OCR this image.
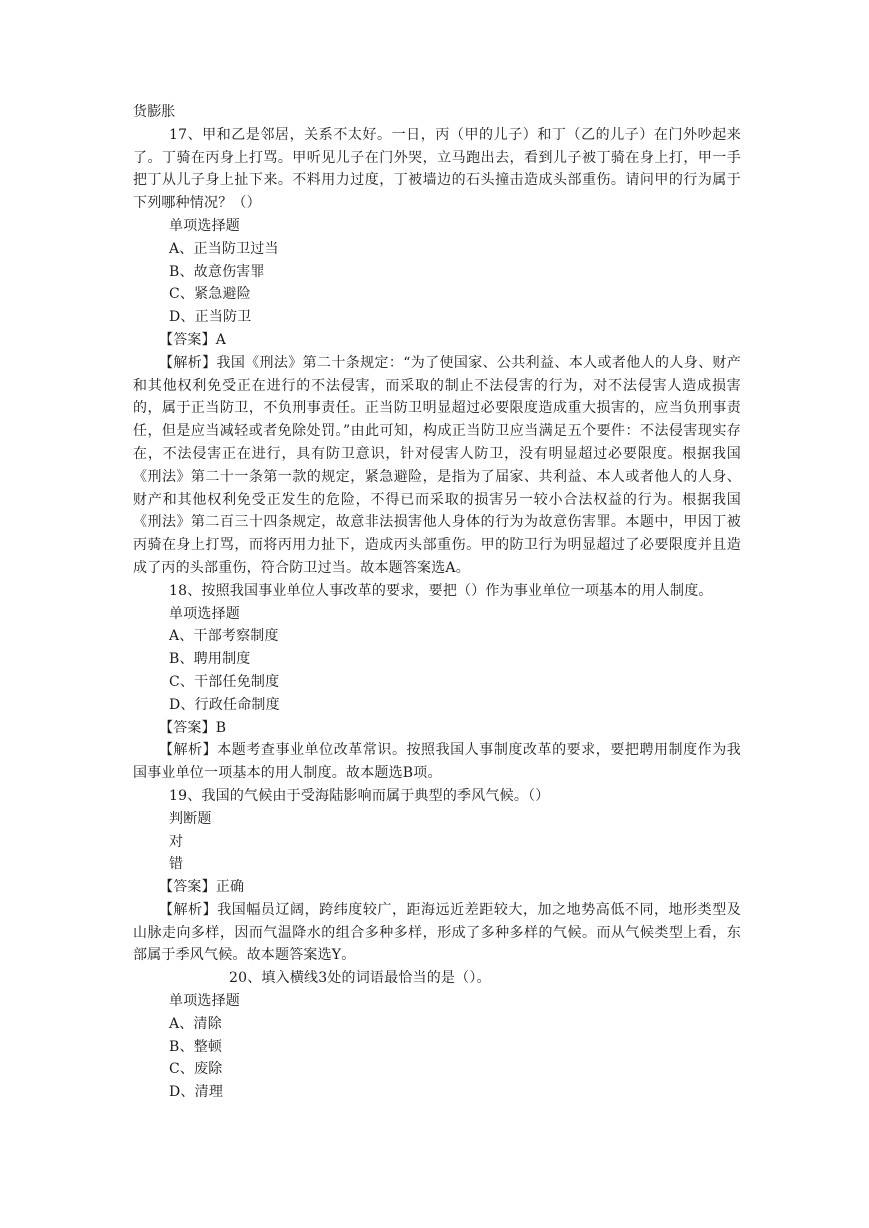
货膨胀
17、甲和乙是邻居，关系不太好。一日，丙（甲的儿子）和丁（乙的儿子）在门外吵起来了。丁骑在丙身上打骂。甲听见儿子在门外哭，立马跑出去，看到儿子被丁骑在身上打，甲一手把丁从儿子身上扯下来。不料用力过度，丁被墙边的石头撞击造成头部重伤。请问甲的行为属于下列哪种情况？（）
单项选择题
A、正当防卫过当
B、故意伤害罪
C、紧急避险
D、正当防卫
【答案】A
【解析】我国《刑法》第二十条规定：“为了使国家、公共利益、本人或者他人的人身、财产和其他权利免受正在进行的不法侵害，而采取的制止不法侵害的行为，对不法侵害人造成损害的，属于正当防卫，不负刑事责任。正当防卫明显超过必要限度造成重大损害的，应当负刑事责任，但是应当减轻或者免除处罚。”由此可知，构成正当防卫应当满足五个要件：不法侵害现实存在，不法侵害正在进行，具有防卫意识，针对侵害人防卫，没有明显超过必要限度。根据我国《刑法》第二十一条第一款的规定，紧急避险，是指为了届家、共利益、本人或者他人的人身、财产和其他权利免受正发生的危险，不得已而采取的损害另一较小合法权益的行为。根据我国《刑法》第二百三十四条规定，故意非法损害他人身体的行为为故意伤害罪。本题中，甲因丁被丙骑在身上打骂，而将丙用力扯下，造成丙头部重伤。甲的防卫行为明显超过了必要限度并且造成了丙的头部重伤，符合防卫过当。故本题答案选A。
18、按照我国事业单位人事改革的要求，要把（）作为事业单位一项基本的用人制度。
单项选择题
A、干部考察制度
B、聘用制度
C、干部任免制度
D、行政任命制度
【答案】B
【解析】本题考查事业单位改革常识。按照我国人事制度改革的要求，要把聘用制度作为我国事业单位一项基本的用人制度。故本题选B项。
19、我国的气候由于受海陆影响而属于典型的季风气候。（）
判断题
对
错
【答案】正确
【解析】我国幅员辽阔，跨纬度较广，距海远近差距较大，加之地势高低不同，地形类型及山脉走向多样，因而气温降水的组合多种多样，形成了多种多样的气候。而从气候类型上看，东部属于季风气候。故本题答案选Y。
20、填入横线3处的词语最恰当的是（）。
单项选择题
A、清除
B、整顿
C、废除
D、清理
